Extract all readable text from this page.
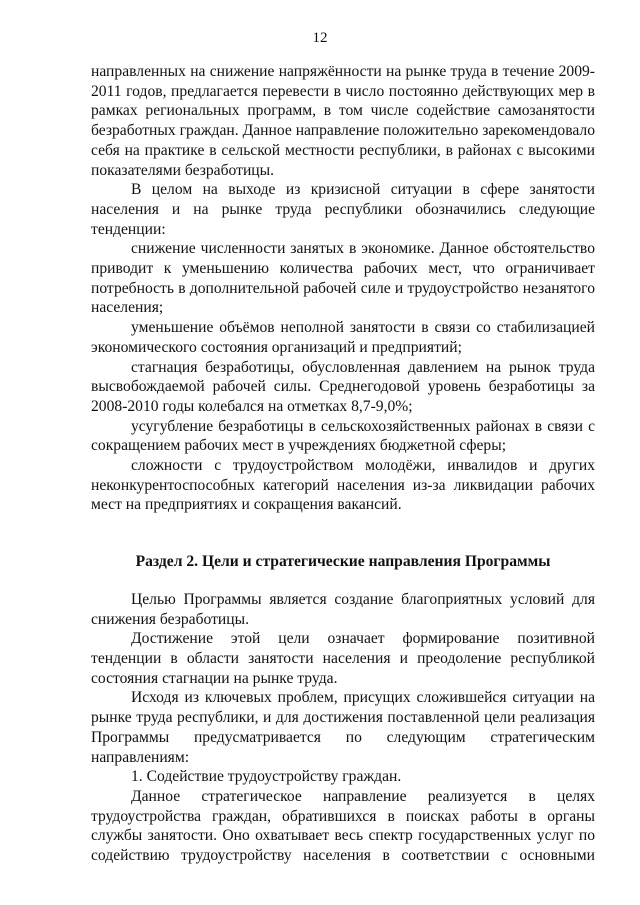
12

направленных на снижение напряжённости на рынке труда в течение 2009-2011 годов, предлагается перевести в число постоянно действующих мер в рамках региональных программ, в том числе содействие самозанятости безработных граждан. Данное направление положительно зарекомендовало себя на практике в сельской местности республики, в районах с высокими показателями безработицы.

В целом на выходе из кризисной ситуации в сфере занятости населения и на рынке труда республики обозначились следующие тенденции:

снижение численности занятых в экономике. Данное обстоятельство приводит к уменьшению количества рабочих мест, что ограничивает потребность в дополнительной рабочей силе и трудоустройство незанятого населения;

уменьшение объёмов неполной занятости в связи со стабилизацией экономического состояния организаций и предприятий;

стагнация безработицы, обусловленная давлением на рынок труда высвобождаемой рабочей силы. Среднегодовой уровень безработицы за 2008-2010 годы колебался на отметках 8,7-9,0%;

усугубление безработицы в сельскохозяйственных районах в связи с сокращением рабочих мест в учреждениях бюджетной сферы;

сложности с трудоустройством молодёжи, инвалидов и других неконкурентоспособных категорий населения из-за ликвидации рабочих мест на предприятиях и сокращения вакансий.

Раздел 2. Цели и стратегические направления Программы

Целью Программы является создание благоприятных условий для снижения безработицы.

Достижение этой цели означает формирование позитивной тенденции в области занятости населения и преодоление республикой состояния стагнации на рынке труда.

Исходя из ключевых проблем, присущих сложившейся ситуации на рынке труда республики, и для достижения поставленной цели реализация Программы предусматривается по следующим стратегическим направлениям:

1. Содействие трудоустройству граждан.

Данное стратегическое направление реализуется в целях трудоустройства граждан, обратившихся в поисках работы в органы службы занятости. Оно охватывает весь спектр государственных услуг по содействию трудоустройству населения в соответствии с основными
